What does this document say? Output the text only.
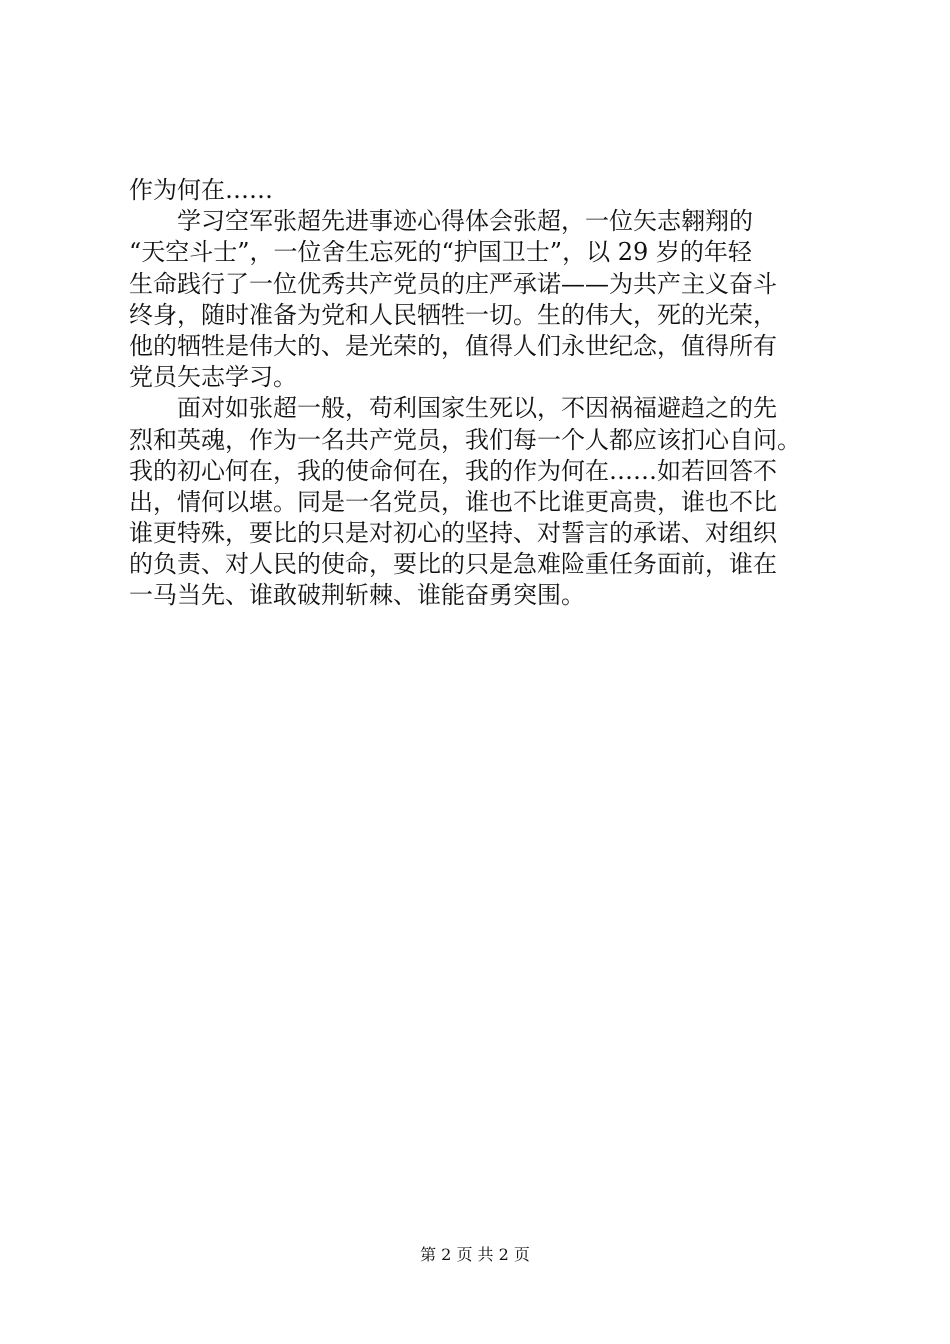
作为何在……

　　学习空军张超先进事迹心得体会张超，一位矢志翱翔的

“天空斗士”，一位舍生忘死的“护国卫士”，以 29 岁的年轻

生命践行了一位优秀共产党员的庄严承诺——为共产主义奋斗

终身，随时准备为党和人民牺牲一切。生的伟大，死的光荣，

他的牺牲是伟大的、是光荣的，值得人们永世纪念，值得所有

党员矢志学习。

　　面对如张超一般，苟利国家生死以，不因祸福避趋之的先

烈和英魂，作为一名共产党员，我们每一个人都应该扪心自问。

我的初心何在，我的使命何在，我的作为何在……如若回答不

出，情何以堪。同是一名党员，谁也不比谁更高贵，谁也不比

谁更特殊，要比的只是对初心的坚持、对誓言的承诺、对组织

的负责、对人民的使命，要比的只是急难险重任务面前，谁在

一马当先、谁敢破荆斩棘、谁能奋勇突围。

第 2 页 共 2 页
